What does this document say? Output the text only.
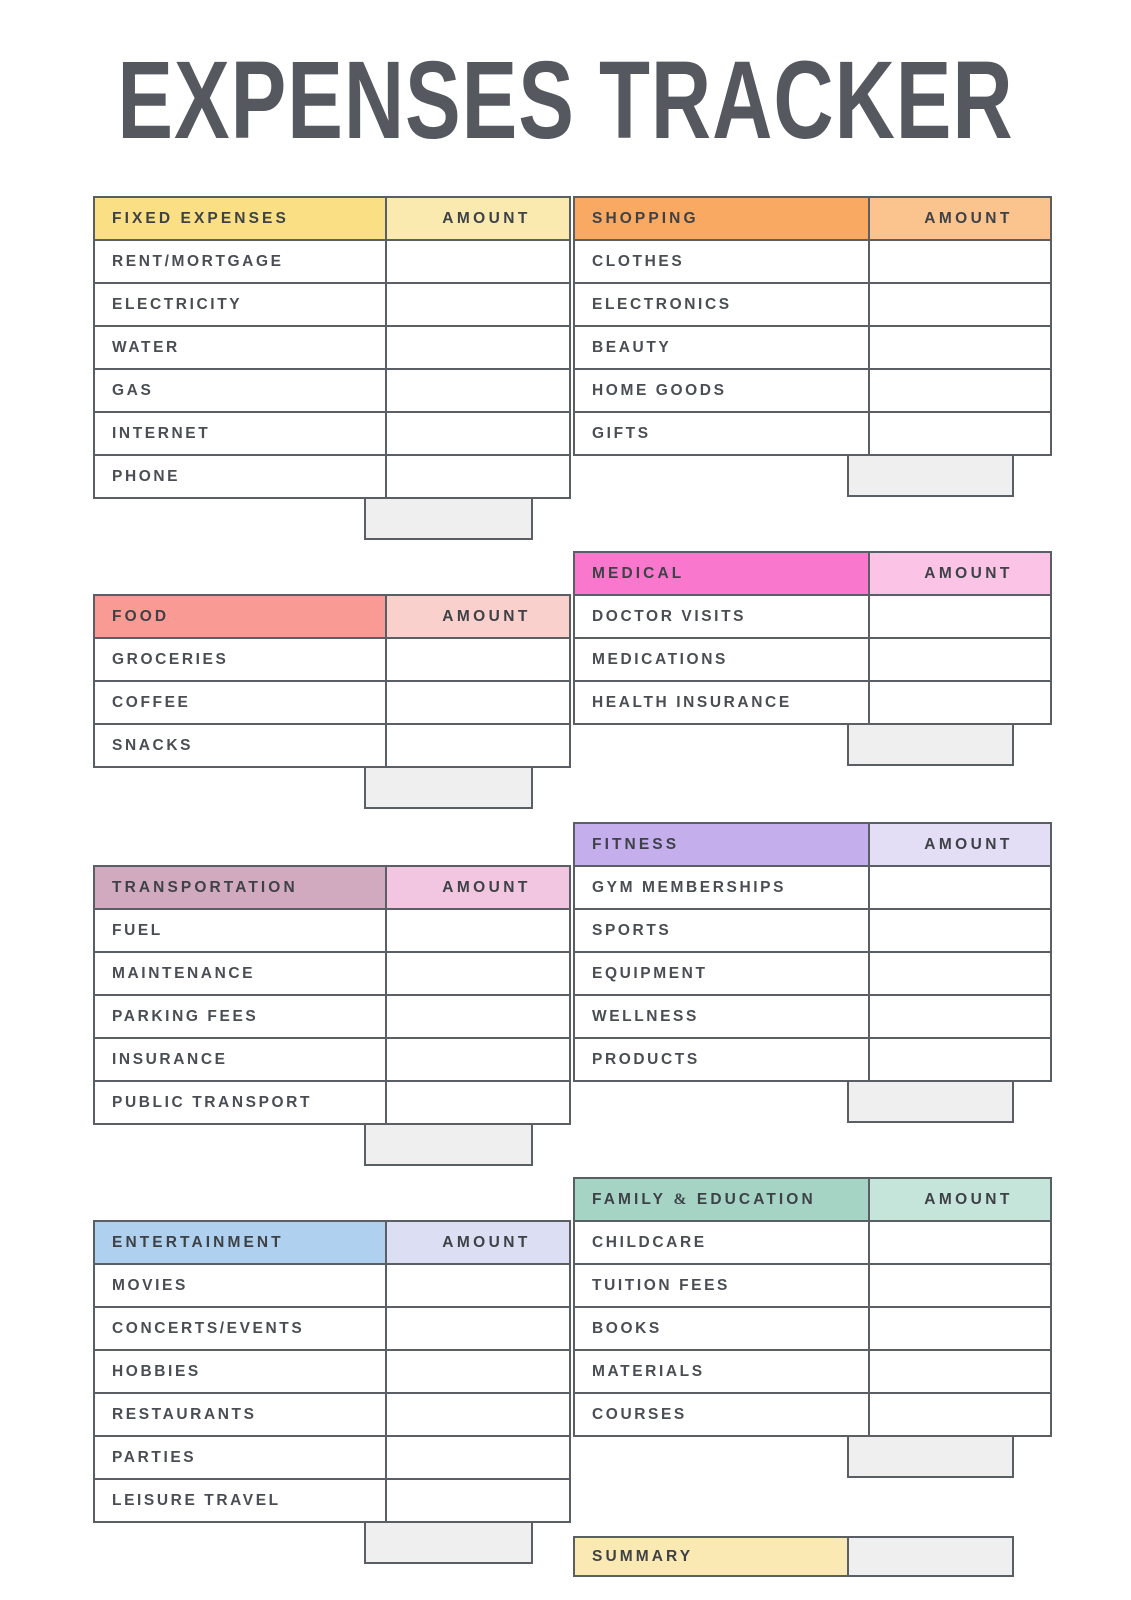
EXPENSES TRACKER
FIXED EXPENSES	AMOUNT
RENT/MORTGAGE	
ELECTRICITY	
WATER	
GAS	
INTERNET	
PHONE	
FOOD	AMOUNT
GROCERIES	
COFFEE	
SNACKS	
TRANSPORTATION	AMOUNT
FUEL	
MAINTENANCE	
PARKING FEES	
INSURANCE	
PUBLIC TRANSPORT	
ENTERTAINMENT	AMOUNT
MOVIES	
CONCERTS/EVENTS	
HOBBIES	
RESTAURANTS	
PARTIES	
LEISURE TRAVEL	
SHOPPING	AMOUNT
CLOTHES	
ELECTRONICS	
BEAUTY	
HOME GOODS	
GIFTS	
MEDICAL	AMOUNT
DOCTOR VISITS	
MEDICATIONS	
HEALTH INSURANCE	
FITNESS	AMOUNT
GYM MEMBERSHIPS	
SPORTS	
EQUIPMENT	
WELLNESS	
PRODUCTS	
FAMILY & EDUCATION	AMOUNT
CHILDCARE	
TUITION FEES	
BOOKS	
MATERIALS	
COURSES	
SUMMARY
